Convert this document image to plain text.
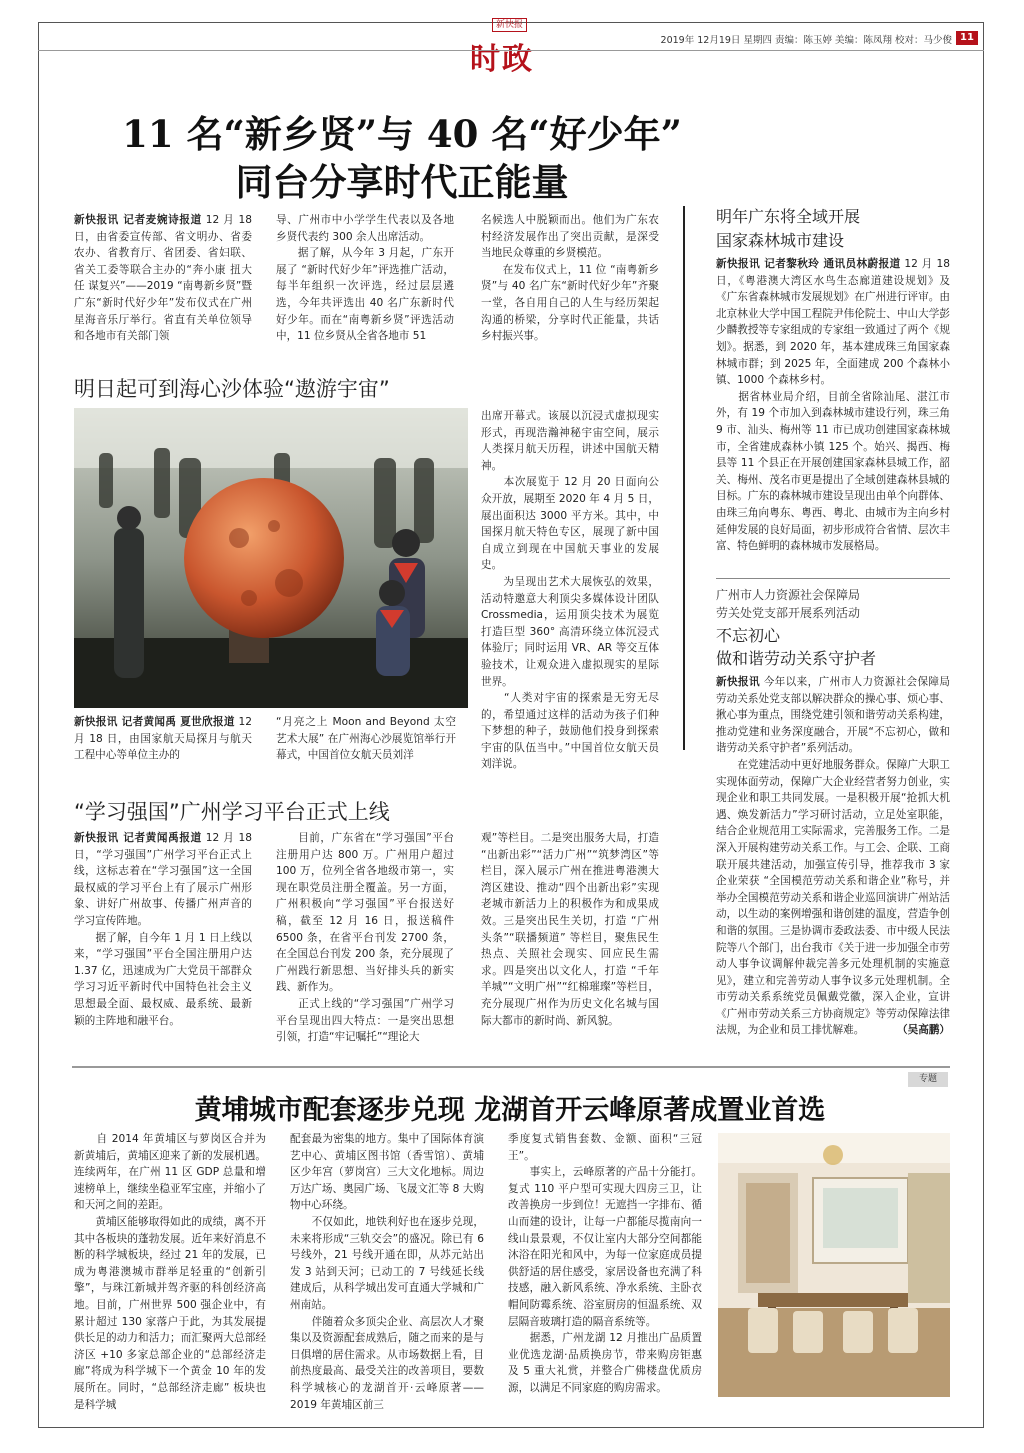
新快报
时政
2019年 12月19日 星期四 责编：陈玉婷 美编：陈凤翔 校对：马少俊 11
11 名“新乡贤”与 40 名“好少年”
同台分享时代正能量
新快报讯 记者麦婉诗报道 12 月 18 日，由省委宣传部、省文明办、省委农办、省教育厅、省团委、省妇联、省关工委等联合主办的“奔小康 扭大任 谋复兴”——2019 “南粤新乡贤”暨广东“新时代好少年”发布仪式在广州星海音乐厅举行。省直有关单位领导和各地市有关部门领
导、广州市中小学学生代表以及各地乡贤代表约 300 余人出席活动。
　　据了解，从今年 3 月起，广东开展了 “新时代好少年”评选推广活动，每半年组织一次评选，经过层层遴选，今年共评选出 40 名广东新时代好少年。而在“南粤新乡贤”评选活动中，11 位乡贤从全省各地市 51
名候选人中脱颖而出。他们为广东农村经济发展作出了突出贡献，是深受当地民众尊重的乡贤模范。
　　在发布仪式上，11 位 “南粤新乡贤”与 40 名广东“新时代好少年”齐聚一堂，各自用自己的人生与经历架起沟通的桥梁，分享时代正能量，共话乡村振兴事。
明日起可到海心沙体验“遨游宇宙”
新快报讯 记者黄闻禹 夏世欣报道 12 月 18 日，由国家航天局探月与航天工程中心等单位主办的
“月亮之上 Moon and Beyond 太空艺术大展” 在广州海心沙展览馆举行开幕式，中国首位女航天员刘洋
出席开幕式。该展以沉浸式虚拟现实形式，再现浩瀚神秘宇宙空间，展示人类探月航天历程，讲述中国航天精神。
　　本次展览于 12 月 20 日面向公众开放，展期至 2020 年 4 月 5 日，展出面积达 3000 平方米。其中，中国探月航天特色专区，展现了新中国自成立到现在中国航天事业的发展史。
　　为呈现出艺术大展恢弘的效果，活动特邀意大利顶尖多媒体设计团队 Crossmedia，运用顶尖技术为展览打造巨型 360° 高清环绕立体沉浸式体验厅；同时运用 VR、AR 等交互体验技术，让观众进入虚拟现实的星际世界。
　　“人类对宇宙的探索是无穷无尽的，希望通过这样的活动为孩子们种下梦想的种子，鼓励他们投身到探索宇宙的队伍当中。”中国首位女航天员刘洋说。
“学习强国”广州学习平台正式上线
新快报讯 记者黄闻禹报道 12 月 18 日，“学习强国”广州学习平台正式上线，这标志着在“学习强国”这一全国最权威的学习平台上有了展示广州形象、讲好广州故事、传播广州声音的学习宣传阵地。
　　据了解，自今年 1 月 1 日上线以来，“学习强国”平台全国注册用户达 1.37 亿，迅速成为广大党员干部群众学习习近平新时代中国特色社会主义思想最全面、最权威、最系统、最新颖的主阵地和融平台。
　　目前，广东省在“学习强国”平台注册用户达 800 万。广州用户超过 100 万，位列全省各地级市第一，实现在职党员注册全覆盖。另一方面，广州积极向“学习强国”平台报送好稿，截至 12 月 16 日，报送稿件 6500 条，在省平台刊发 2700 条，在全国总台刊发 200 条，充分展现了广州践行新思想、当好排头兵的新实践、新作为。
　　正式上线的“学习强国”广州学习平台呈现出四大特点：一是突出思想引领，打造“牢记嘱托”“理论大
观”等栏目。二是突出服务大局，打造 “出新出彩”“活力广州”“筑梦湾区”等栏目，深入展示广州在推进粤港澳大湾区建设、推动“四个出新出彩”实现老城市新活力上的积极作为和成果成效。三是突出民生关切，打造 “广州头条”“联播频道” 等栏目，聚焦民生热点、关照社会现实、回应民生需求。四是突出以文化人，打造 “千年羊城”“文明广州”“红棉璀璨”等栏目，充分展现广州作为历史文化名城与国际大都市的新时尚、新风貌。
明年广东将全域开展
国家森林城市建设
新快报讯 记者黎秋玲 通讯员林蔚报道 12 月 18 日，《粤港澳大湾区水鸟生态廊道建设规划》及《广东省森林城市发展规划》在广州进行评审。由北京林业大学中国工程院尹伟伦院士、中山大学彭少麟教授等专家组成的专家组一致通过了两个《规划》。据悉，到 2020 年，基本建成珠三角国家森林城市群；到 2025 年，全面建成 200 个森林小镇、1000 个森林乡村。
　　据省林业局介绍，目前全省除汕尾、湛江市外，有 19 个市加入到森林城市建设行列，珠三角 9 市、汕头、梅州等 11 市已成功创建国家森林城市，全省建成森林小镇 125 个。始兴、揭西、梅县等 11 个县正在开展创建国家森林县城工作，韶关、梅州、茂名市更是提出了全域创建森林县城的目标。广东的森林城市建设呈现出由单个向群体、由珠三角向粤东、粤西、粤北、由城市为主向乡村延伸发展的良好局面，初步形成符合省情、层次丰富、特色鲜明的森林城市发展格局。
广州市人力资源社会保障局
劳关处党支部开展系列活动
不忘初心
做和谐劳动关系守护者
新快报讯 今年以来，广州市人力资源社会保障局劳动关系处党支部以解决群众的操心事、烦心事、揪心事为重点，围绕党建引领和谐劳动关系构建，推动党建和业务深度融合，开展“不忘初心，做和谐劳动关系守护者”系列活动。
　　在党建活动中更好地服务群众。保障广大职工实现体面劳动，保障广大企业经营者努力创业，实现企业和职工共同发展。一是积极开展“抢抓大机遇、焕发新活力”学习研讨活动，立足处室职能，结合企业规范用工实际需求，完善服务工作。二是深入开展构建劳动关系工作。与工会、企联、工商联开展共建活动，加强宣传引导，推荐我市 3 家企业荣获 “全国模范劳动关系和谐企业”称号，并举办全国模范劳动关系和谐企业巡回演讲广州站活动，以生动的案例增强和谐创建的温度，营造争创和谐的氛围。三是协调市委政法委、市中级人民法院等八个部门，出台我市《关于进一步加强全市劳动人事争议调解仲裁完善多元处理机制的实施意见》，建立和完善劳动人事争议多元处理机制。全市劳动关系系统党员佩戴党徽，深入企业，宣讲《广州市劳动关系三方协商规定》等劳动保障法律法规，为企业和员工排忧解难。	（吴高鹏）
专题
黄埔城市配套逐步兑现 龙湖首开云峰原著成置业首选
　　自 2014 年黄埔区与萝岗区合并为新黄埔后，黄埔区迎来了新的发展机遇。连续两年，在广州 11 区 GDP 总量和增速榜单上，继续坐稳亚军宝座，并缩小了和天河之间的差距。
　　黄埔区能够取得如此的成绩，离不开其中各板块的蓬勃发展。近年来好消息不断的科学城板块，经过 21 年的发展，已成为粤港澳城市群举足轻重的“创新引擎”，与珠江新城并驾齐驱的科创经济高地。目前，广州世界 500 强企业中，有累计超过 130 家落户于此，为其发展提供长足的动力和活力；而汇聚两大总部经济区 +10 多家总部企业的“总部经济走廊”将成为科学城下一个黄金 10 年的发展所在。同时，“总部经济走廊” 板块也是科学城
配套最为密集的地方。集中了国际体育演艺中心、黄埔区图书馆（香雪馆）、黄埔区少年宫（萝岗宫）三大文化地标。周边万达广场、奥园广场、飞晟文汇等 8 大购物中心环绕。
　　不仅如此，地铁利好也在逐步兑现，未来将形成“三轨交会”的盛况。除已有 6 号线外，21 号线开通在即，从苏元站出发 3 站到天河；已动工的 7 号线延长线建成后，从科学城出发可直通大学城和广州南站。
　　伴随着众多顶尖企业、高层次人才聚集以及资源配套成熟后，随之而来的是与日俱增的居住需求。从市场数据上看，目前热度最高、最受关注的改善项目，要数科学城核心的龙湖首开·云峰原著——2019 年黄埔区前三
季度复式销售套数、金额、面积“三冠王”。
　　事实上，云峰原著的产品十分能打。复式 110 平户型可实现大四房三卫，让改善换房一步到位！无遮挡一字排布、循山而建的设计，让每一户都能尽揽南向一线山景景观，不仅让室内大部分空间都能沐浴在阳光和风中，为每一位家庭成员提供舒适的居住感受，家居设备也充满了科技感，融入新风系统、净水系统、主卧衣帽间防霉系统、浴室厨房的恒温系统、双层隔音玻璃打造的隔音系统等。
　　据悉，广州龙湖 12 月推出广品质置业优选龙湖·品质换房节，带来购房钜惠及 5 重大礼赏，并整合广佛楼盘优质房源，以满足不同家庭的购房需求。
